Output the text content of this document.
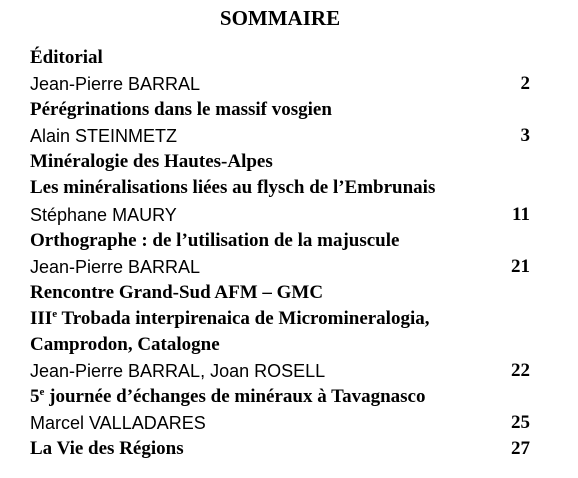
SOMMAIRE
Éditorial
Jean-Pierre BARRAL	2
Pérégrinations dans le massif vosgien
Alain STEINMETZ	3
Minéralogie des Hautes-Alpes
Les minéralisations liées au flysch de l’Embrunais
Stéphane MAURY	11
Orthographe : de l’utilisation de la majuscule
Jean-Pierre BARRAL	21
Rencontre Grand-Sud AFM – GMC
IIIe Trobada interpirenaica de Micromineralogia,
Camprodon, Catalogne
Jean-Pierre BARRAL, Joan ROSELL	22
5e journée d’échanges de minéraux à Tavagnasco
Marcel VALLADARES	25
La Vie des Régions	27
